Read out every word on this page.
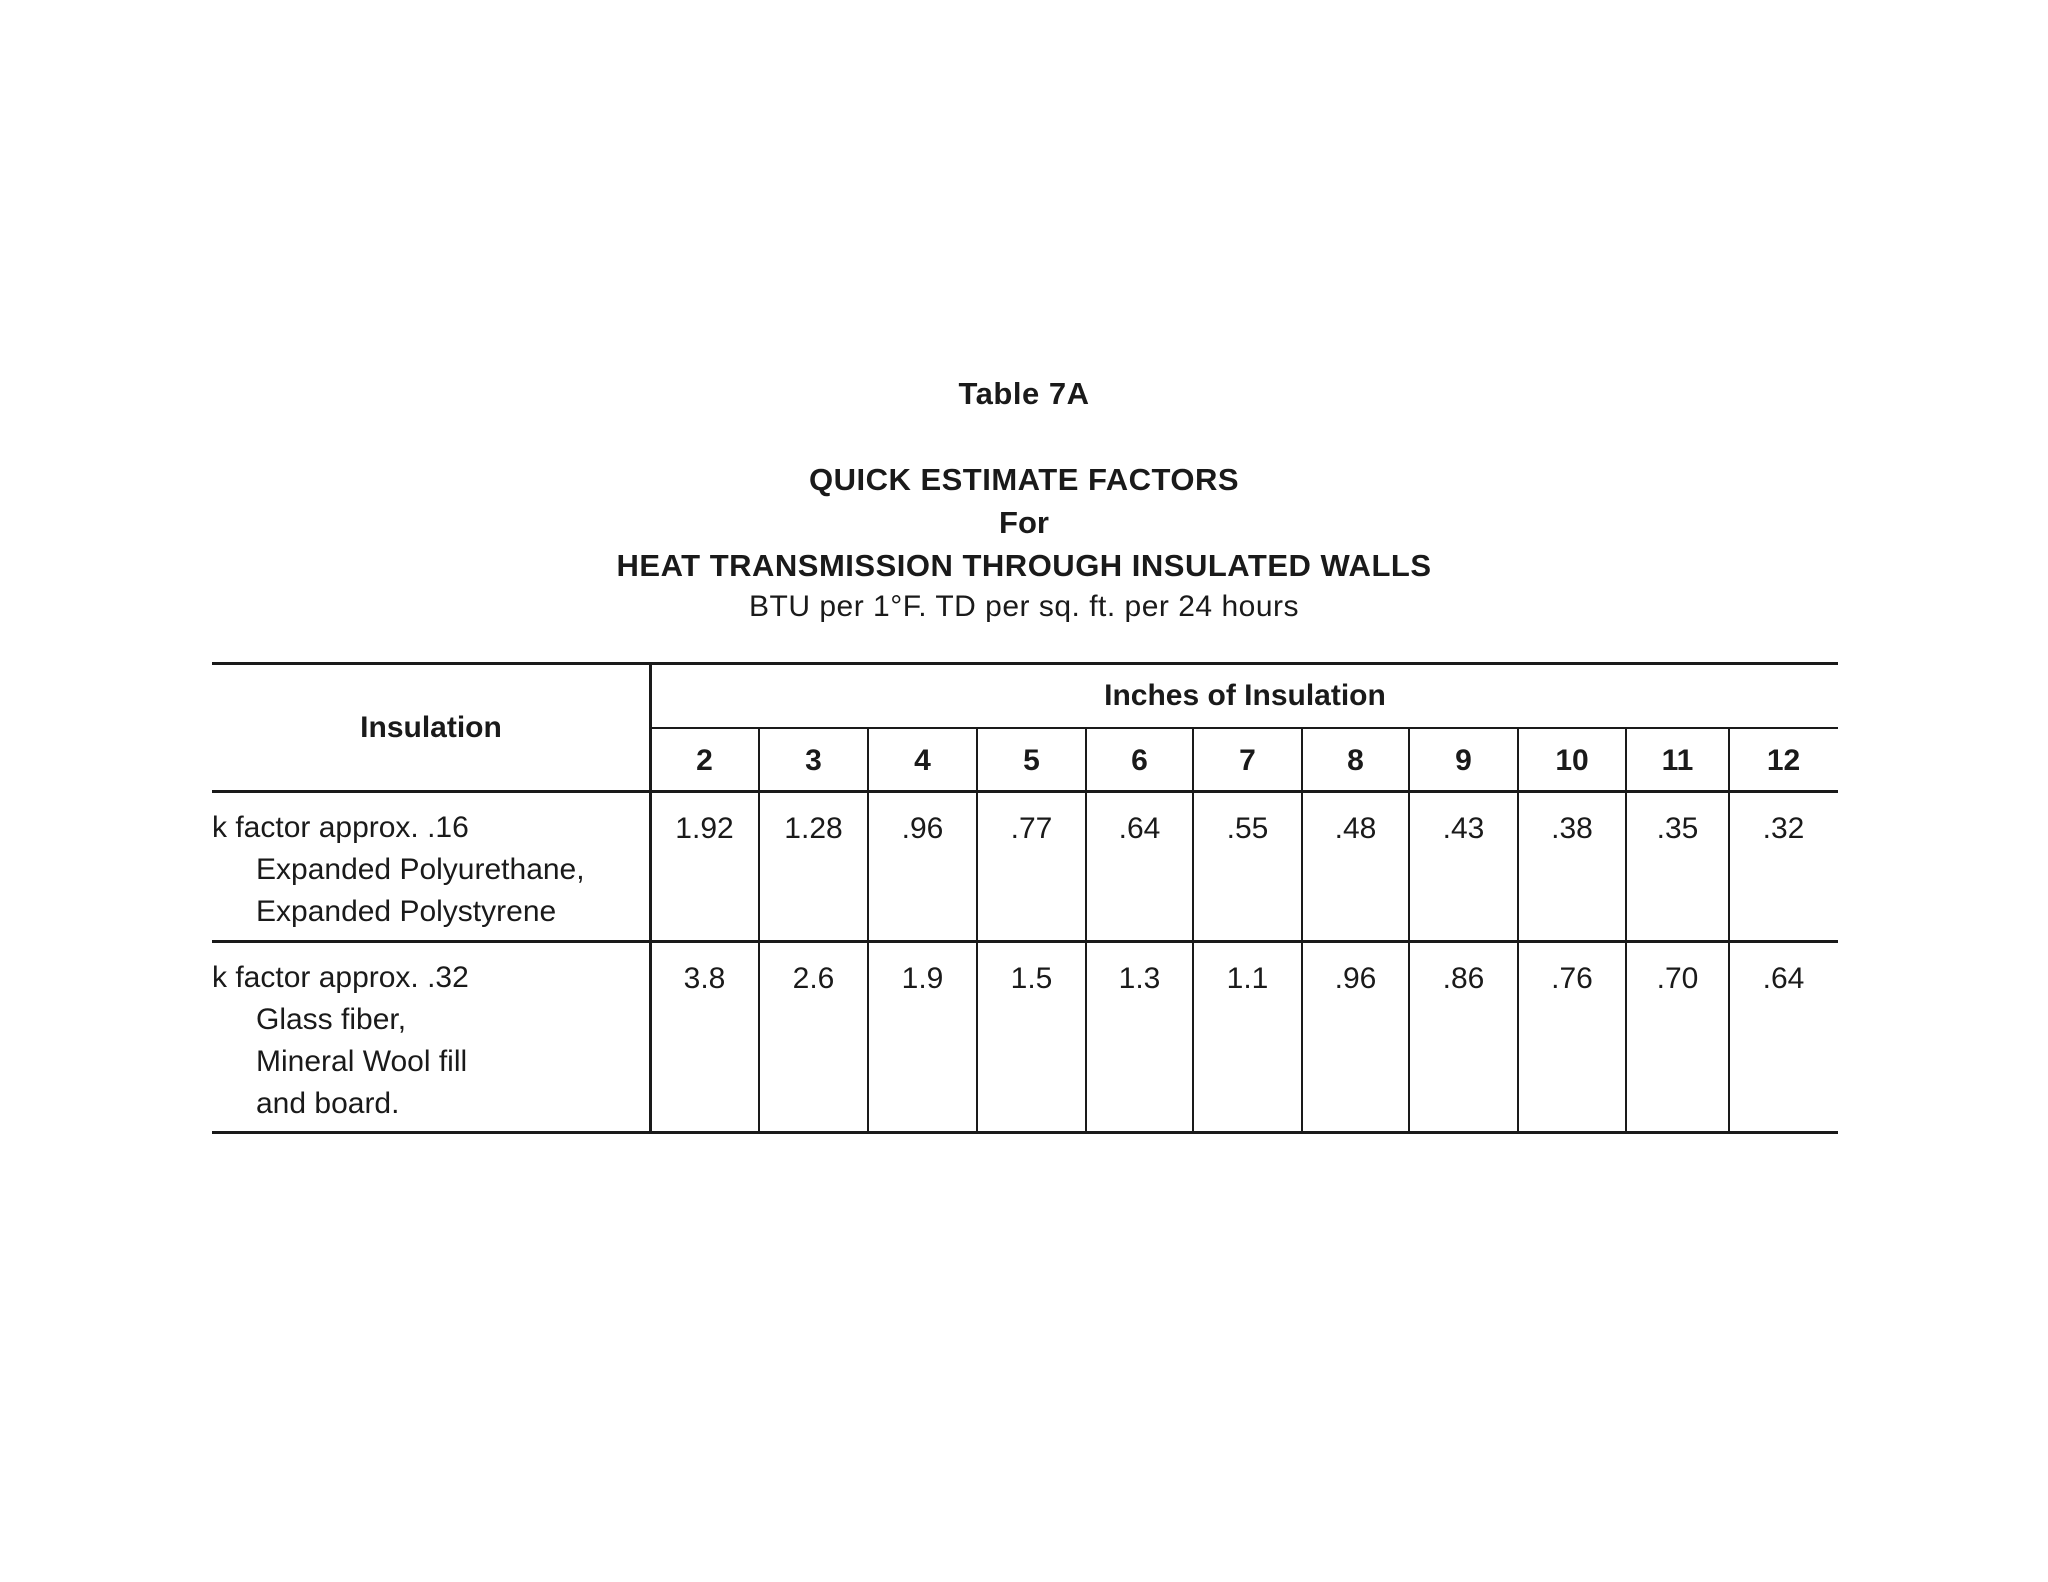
Table 7A
QUICK ESTIMATE FACTORS
For
HEAT TRANSMISSION THROUGH INSULATED WALLS
BTU per 1°F. TD per sq. ft. per 24 hours
Insulation
Inches of Insulation
2	3	4	5	6	7	8	9	10	11	12
k factor approx. .16
Expanded Polyurethane,
Expanded Polystyrene
1.92	1.28	.96	.77	.64	.55	.48	.43	.38	.35	.32
k factor approx. .32
Glass fiber,
Mineral Wool fill
and board.
3.8	2.6	1.9	1.5	1.3	1.1	.96	.86	.76	.70	.64
